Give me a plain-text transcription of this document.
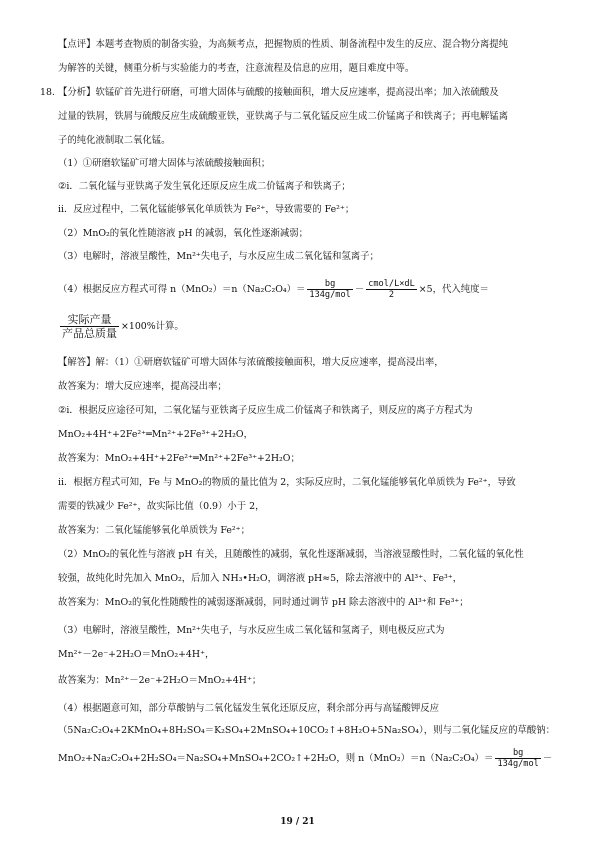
【点评】本题考查物质的制备实验，为高频考点，把握物质的性质、制备流程中发生的反应、混合物分离提纯
为解答的关键，侧重分析与实验能力的考查，注意流程及信息的应用，题目难度中等。
18. 【分析】软锰矿首先进行研磨，可增大固体与硫酸的接触面积，增大反应速率，提高浸出率；加入浓硫酸及
过量的铁屑，铁屑与硫酸反应生成硫酸亚铁，亚铁离子与二氧化锰反应生成二价锰离子和铁离子；再电解锰离
子的纯化液制取二氧化锰。
（1）①研磨软锰矿可增大固体与浓硫酸接触面积；
②i．二氧化锰与亚铁离子发生氧化还原反应生成二价锰离子和铁离子；
ii．反应过程中，二氧化锰能够氧化单质铁为 Fe²⁺，导致需要的 Fe²⁺；
（2）MnO₂的氧化性随溶液 pH 的减弱，氧化性逐渐减弱；
（3）电解时，溶液呈酸性，Mn²⁺失电子，与水反应生成二氧化锰和氢离子；
（4）根据反应方程式可得 $n(MnO_2)=n(Na_2C_2O_4)= \frac{bg}{\text{134g/mol}} - \frac{\text{cmol/L×dL}}{2} \times 5$，代入纯度＝
$\frac{\text{实际产量}}{\text{产品总质量}} \times 100\%$计算。
【解答】解：（1）①研磨软锰矿可增大固体与浓硫酸接触面积，增大反应速率，提高浸出率，
故答案为：增大反应速率，提高浸出率；
②i．根据反应途径可知，二氧化锰与亚铁离子反应生成二价锰离子和铁离子，则反应的离子方程式为
MnO₂+4H⁺+2Fe²⁺═Mn²⁺+2Fe³⁺+2H₂O，
故答案为：MnO₂+4H⁺+2Fe²⁺═Mn²⁺+2Fe³⁺+2H₂O；
ii．根据方程式可知，Fe 与 MnO₂的物质的量比值为 2，实际反应时，二氧化锰能够氧化单质铁为 Fe²⁺，导致
需要的铁减少 Fe²⁺，故实际比值（0.9）小于 2，
故答案为：二氧化锰能够氧化单质铁为 Fe²⁺；
（2）MnO₂的氧化性与溶液 pH 有关，且随酸性的减弱，氧化性逐渐减弱，当溶液显酸性时，二氧化锰的氧化性
较强，故纯化时先加入 MnO₂，后加入 NH₃•H₂O，调溶液 pH≈5，除去溶液中的 Al³⁺、Fe³⁺，
故答案为：MnO₂的氧化性随酸性的减弱逐渐减弱，同时通过调节 pH 除去溶液中的 Al³⁺和 Fe³⁺；
（3）电解时，溶液呈酸性，Mn²⁺失电子，与水反应生成二氧化锰和氢离子，则电极反应式为
Mn²⁺－2e⁻+2H₂O＝MnO₂+4H⁺，
故答案为：Mn²⁺－2e⁻+2H₂O＝MnO₂+4H⁺；
（4）根据题意可知，部分草酸钠与二氧化锰发生氧化还原反应，剩余部分再与高锰酸钾反应
（5Na₂C₂O₄+2KMnO₄+8H₂SO₄＝K₂SO₄+2MnSO₄+10CO₂↑+8H₂O+5Na₂SO₄），则与二氧化锰反应的草酸钠：
MnO₂+Na₂C₂O₄+2H₂SO₄＝Na₂SO₄+MnSO₄+2CO₂↑+2H₂O，则 $n(MnO_2)=n(Na_2C_2O_4)= \frac{bg}{\text{134g/mol}}$ －
19 / 21
